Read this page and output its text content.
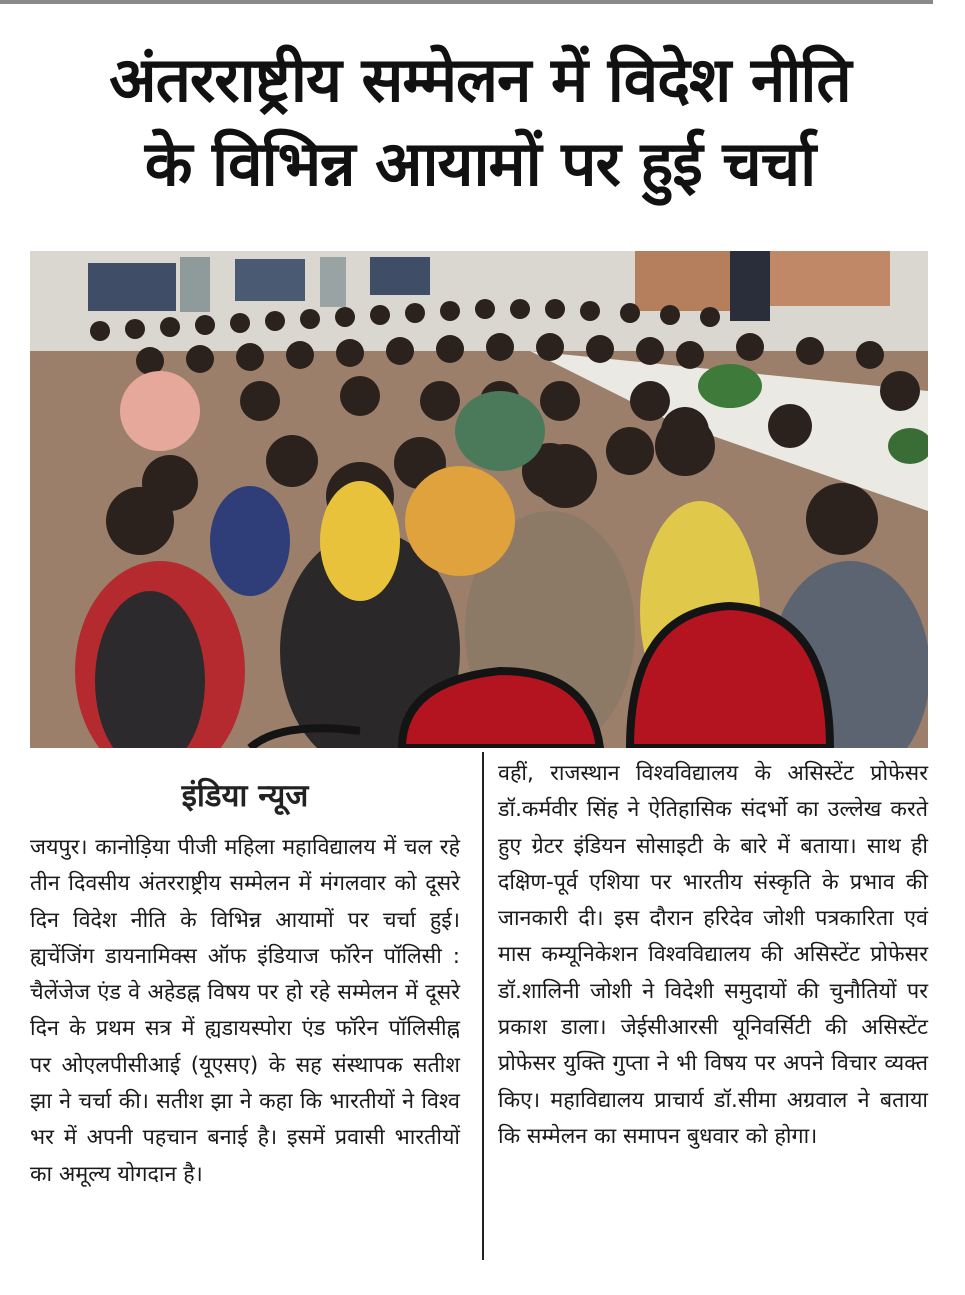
अंतरराष्ट्रीय सम्मेलन में विदेश नीति
के विभिन्न आयामों पर हुई चर्चा
इंडिया न्यूज

जयपुर। कानोड़िया पीजी महिला महाविद्यालय में चल रहे तीन दिवसीय अंतरराष्ट्रीय सम्मेलन में मंगलवार को दूसरे दिन विदेश नीति के विभिन्न आयामों पर चर्चा हुई। ह्यचेंजिंग डायनामिक्स ऑफ इंडियाज फॉरेन पॉलिसी : चैलेंजेज एंड वे अहेडह्न विषय पर हो रहे सम्मेलन में दूसरे दिन के प्रथम सत्र में ह्यडायस्पोरा एंड फॉरेन पॉलिसीह्न पर ओएलपीसीआई (यूएसए) के सह संस्थापक सतीश झा ने चर्चा की। सतीश झा ने कहा कि भारतीयों ने विश्व भर में अपनी पहचान बनाई है। इसमें प्रवासी भारतीयों का अमूल्य योगदान है।

वहीं, राजस्थान विश्वविद्यालय के असिस्टेंट प्रोफेसर डॉ.कर्मवीर सिंह ने ऐतिहासिक संदर्भो का उल्लेख करते हुए ग्रेटर इंडियन सोसाइटी के बारे में बताया। साथ ही दक्षिण-पूर्व एशिया पर भारतीय संस्कृति के प्रभाव की जानकारी दी। इस दौरान हरिदेव जोशी पत्रकारिता एवं मास कम्यूनिकेशन विश्वविद्यालय की असिस्टेंट प्रोफेसर डॉ.शालिनी जोशी ने विदेशी समुदायों की चुनौतियों पर प्रकाश डाला। जेईसीआरसी यूनिवर्सिटी की असिस्टेंट प्रोफेसर युक्ति गुप्ता ने भी विषय पर अपने विचार व्यक्त किए। महाविद्यालय प्राचार्य डॉ.सीमा अग्रवाल ने बताया कि सम्मेलन का समापन बुधवार को होगा।
